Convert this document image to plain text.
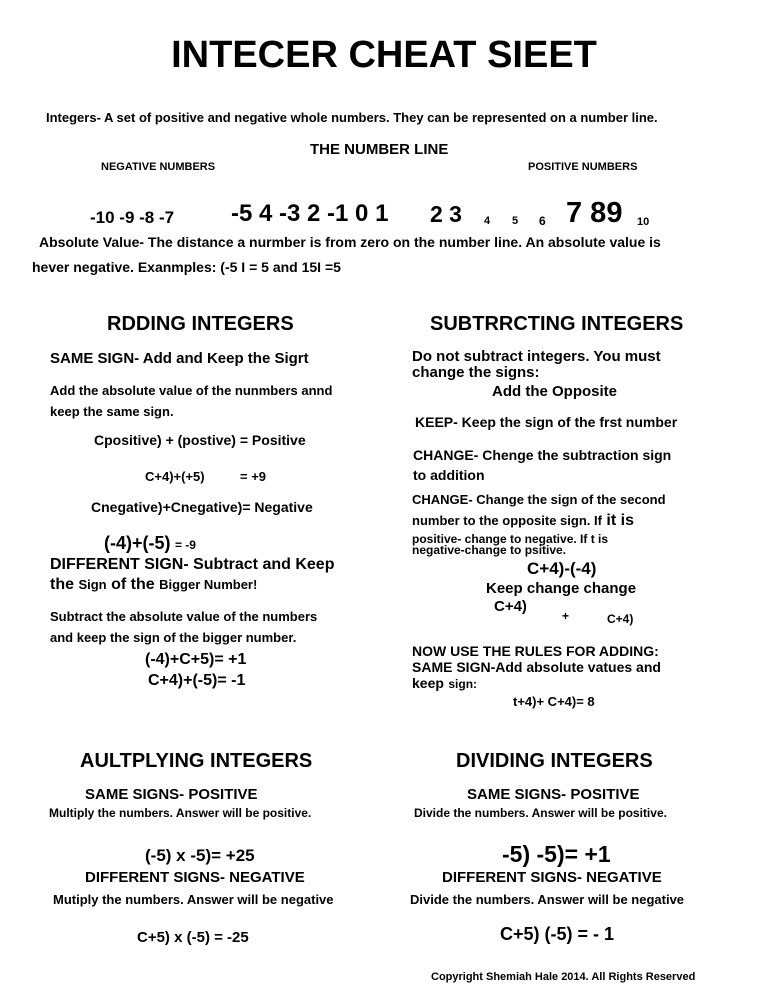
INTECER CHEAT SIEET
Integers- A set of positive and negative whole numbers. They can be represented on a number line.
THE NUMBER LINE
NEGATIVE NUMBERS	POSITIVE NUMBERS
-10 -9 -8 -7 -5 4 -3 2 -1 0 1 2 3 4 5 6 7 89 10
Absolute Value- The distance a nurmber is from zero on the number line. An absolute value is
hever negative. Exanmples: (-5 I = 5 and 15I =5
RDDING INTEGERS
SAME SIGN- Add and Keep the Sigrt
Add the absolute value of the nunmbers annd
keep the same sign.
Cpositive) + (postive) = Positive
C+4)+(+5)	= +9
Cnegative)+Cnegative)= Negative
(-4)+(-5) = -9
DIFFERENT SIGN- Subtract and Keep
the Sign of the Bigger Number!
Subtract the absolute value of the numbers
and keep the sign of the bigger number.
(-4)+C+5)= +1
C+4)+(-5)= -1
SUBTRRCTING INTEGERS
Do not subtract integers. You must
change the signs:
Add the Opposite
KEEP- Keep the sign of the frst number
CHANGE- Chenge the subtraction sign
to addition
CHANGE- Change the sign of the second
number to the opposite sign. If it is
positive- change to negative. If t is
negative-change to psitive.
C+4)-(-4)
Keep change change
C+4)
+	C+4)
NOW USE THE RULES FOR ADDING:
SAME SIGN-Add absolute vatues and
keep sign:
t+4)+ C+4)= 8
AULTPLYING INTEGERS
SAME SIGNS- POSITIVE
Multiply the numbers. Answer will be positive.
(-5) x -5)= +25
DIFFERENT SIGNS- NEGATIVE
Mutiply the numbers. Answer will be negative
C+5) x (-5) = -25
DIVIDING INTEGERS
SAME SIGNS- POSITIVE
Divide the numbers. Answer will be positive.
-5) -5)= +1
DIFFERENT SIGNS- NEGATIVE
Divide the numbers. Answer will be negative
C+5) (-5) = - 1
Copyright Shemiah Hale 2014. All Rights Reserved
